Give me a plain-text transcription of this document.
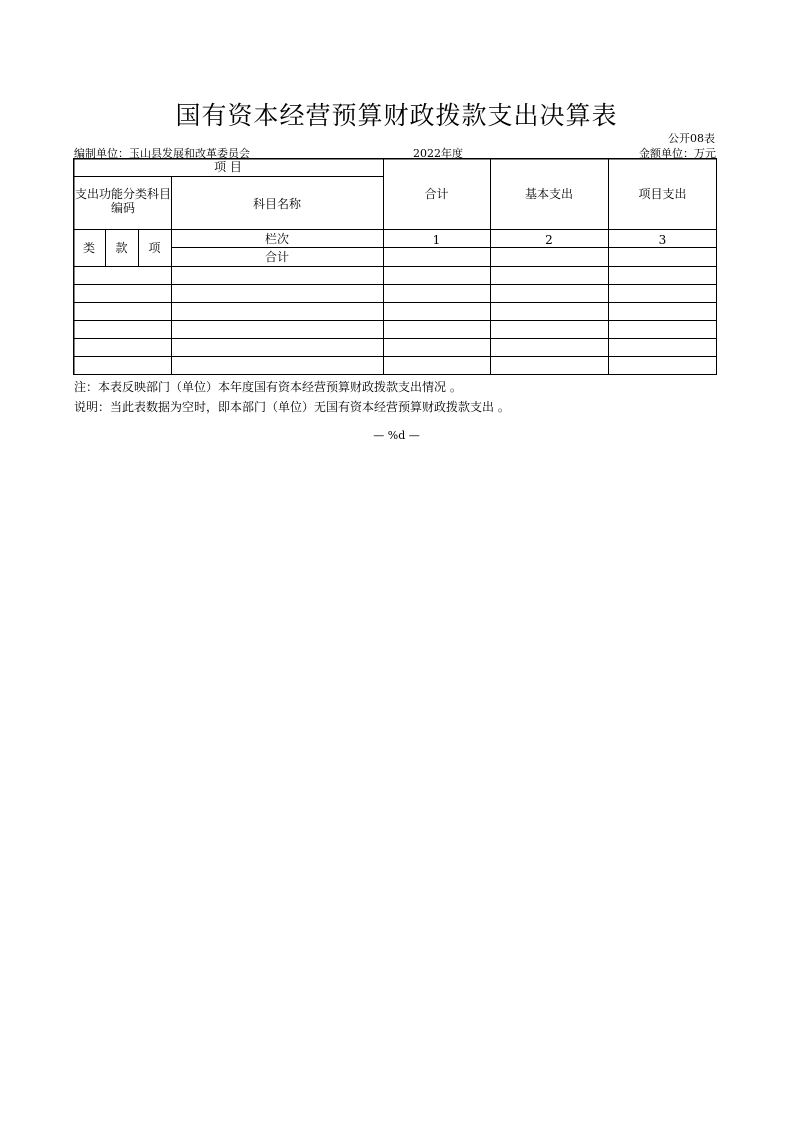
国有资本经营预算财政拨款支出决算表
公开08表
编制单位：玉山县发展和改革委员会	2022年度	金额单位：万元
项 目
支出功能分类科目编码	科目名称
合计	基本支出	项目支出
类	款	项
栏次	1	2	3
合计
注：本表反映部门（单位）本年度国有资本经营预算财政拨款支出情况 。
说明：当此表数据为空时，即本部门（单位）无国有资本经营预算财政拨款支出 。
— %d —
